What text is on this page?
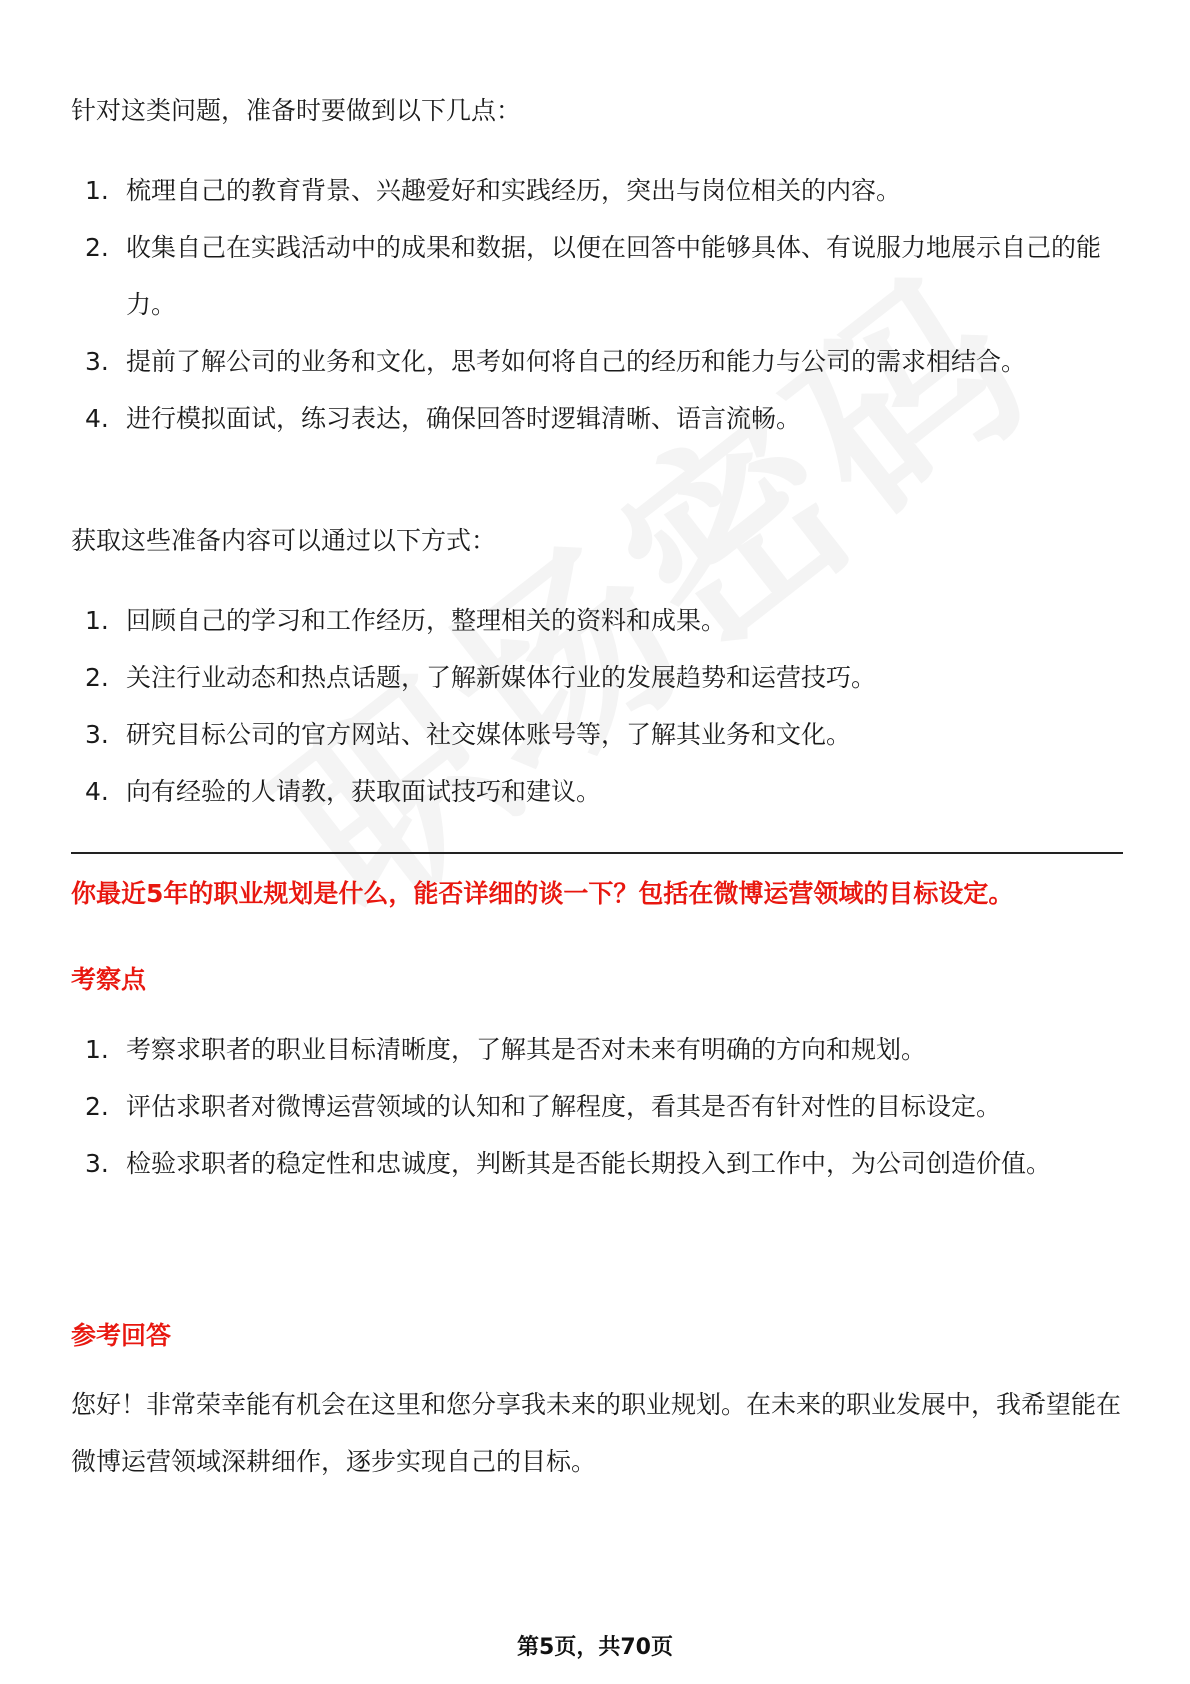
针对这类问题，准备时要做到以下几点：

1. 梳理自己的教育背景、兴趣爱好和实践经历，突出与岗位相关的内容。
2. 收集自己在实践活动中的成果和数据，以便在回答中能够具体、有说服力地展示自己的能力。
3. 提前了解公司的业务和文化，思考如何将自己的经历和能力与公司的需求相结合。
4. 进行模拟面试，练习表达，确保回答时逻辑清晰、语言流畅。

获取这些准备内容可以通过以下方式：

1. 回顾自己的学习和工作经历，整理相关的资料和成果。
2. 关注行业动态和热点话题，了解新媒体行业的发展趋势和运营技巧。
3. 研究目标公司的官方网站、社交媒体账号等，了解其业务和文化。
4. 向有经验的人请教，获取面试技巧和建议。
你最近5年的职业规划是什么，能否详细的谈一下？包括在微博运营领域的目标设定。
考察点
1. 考察求职者的职业目标清晰度，了解其是否对未来有明确的方向和规划。
2. 评估求职者对微博运营领域的认知和了解程度，看其是否有针对性的目标设定。
3. 检验求职者的稳定性和忠诚度，判断其是否能长期投入到工作中，为公司创造价值。
参考回答

您好！非常荣幸能有机会在这里和您分享我未来的职业规划。在未来的职业发展中，我希望能在微博运营领域深耕细作，逐步实现自己的目标。

第5页，共70页
